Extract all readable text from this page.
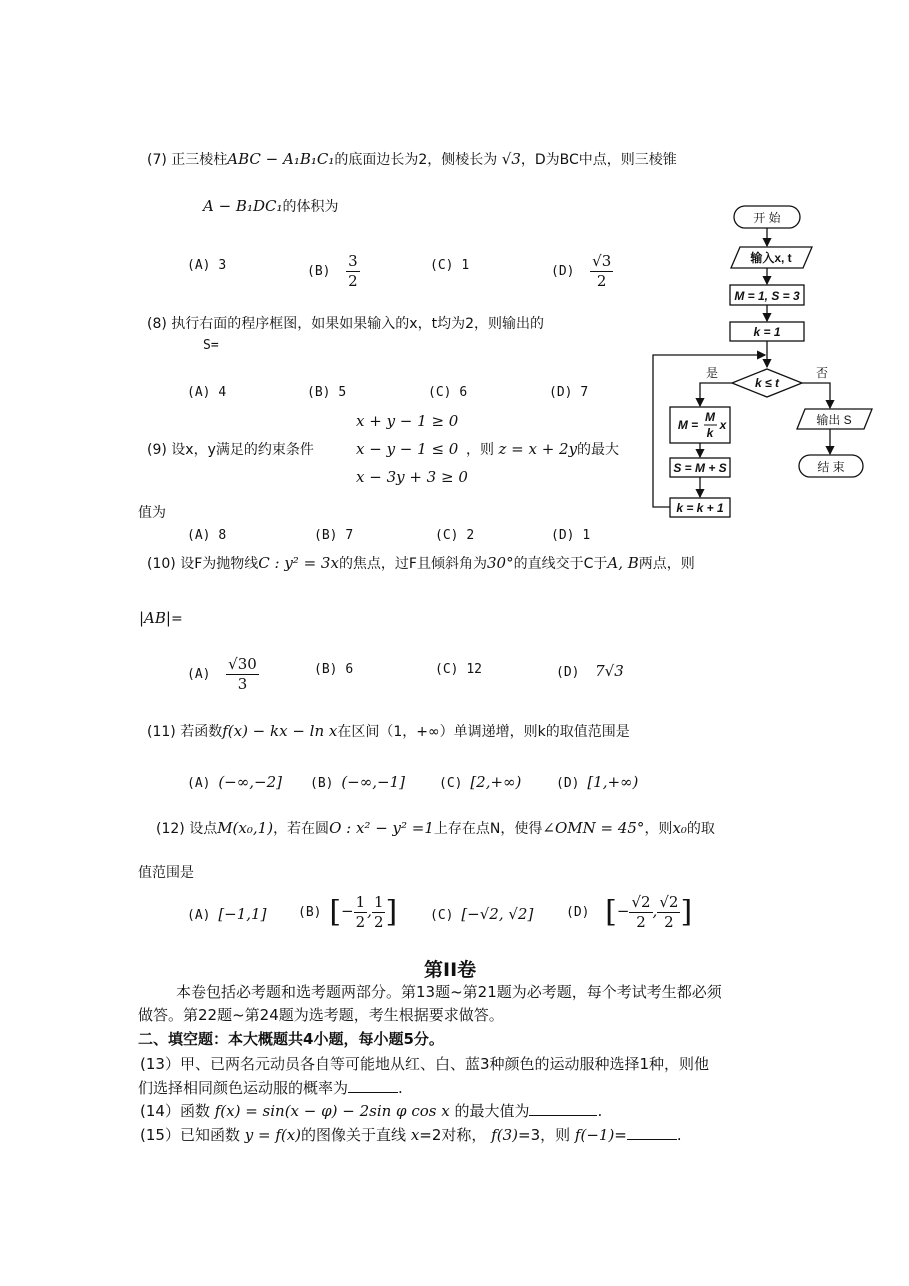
(7) 正三棱柱ABC − A₁B₁C₁的底面边长为2，侧棱长为 √3，D为BC中点，则三棱锥
A − B₁DC₁的体积为
(A) 3	$(B) \frac{3}{2}$	(C) 1	$(D) \frac{√3}{2}$
(8) 执行右面的程序框图，如果如果输入的x，t均为2，则输出的
S=
(A) 4	(B) 5	(C) 6	(D) 7
(9) 设x，y满足的约束条件
x + y − 1 ≥ 0
x − y − 1 ≤ 0
x − 3y + 3 ≥ 0
，则 z = x + 2y的最大
值为
(A) 8	(B) 7	(C) 2	(D) 1
(10) 设F为抛物线C : y² = 3x的焦点，过F且倾斜角为30°的直线交于C于A, B两点，则
|AB|=
$(A) \frac{√30}{3}$	(B) 6	(C) 12	(D) 7√3
(11) 若函数f(x) − kx − ln x在区间（1，+∞）单调递增，则k的取值范围是
(A) (−∞,−2] (B) (−∞,−1]	(C) [2,+∞)	(D) [1,+∞)
(12) 设点M(x₀,1)，若在圆O : x² − y² =1上存在点N，使得∠OMN = 45°，则x₀的取
值范围是
(A) [−1,1] (B) [− $\frac{1}{2}$ , $\frac{1}{2}$ ]	(C) [−√2, √2]	(D) [− $\frac{√2}{2}$ , $\frac{√2}{2}$ ]
第II卷
本卷包括必考题和选考题两部分。第13题~第21题为必考题，每个考试考生都必须
做答。第22题~第24题为选考题，考生根据要求做答。
二、填空题：本大概题共4小题，每小题5分。
(13）甲、已两名元动员各自等可能地从红、白、蓝3种颜色的运动服种选择1种，则他
们选择相同颜色运动服的概率为	.
(14）函数 f(x) = sin(x − φ) − 2sin φ cos x 的最大值为	.
(15）已知函数 y = f(x)的图像关于直线 x=2对称， f(3)=3，则 f(−1)=	.
开 始
输入x, t
M = 1, S = 3
k = 1
k ≤ t
是	否
M =
M
k
x
S = M + S
k = k + 1
输出 S
结 束
